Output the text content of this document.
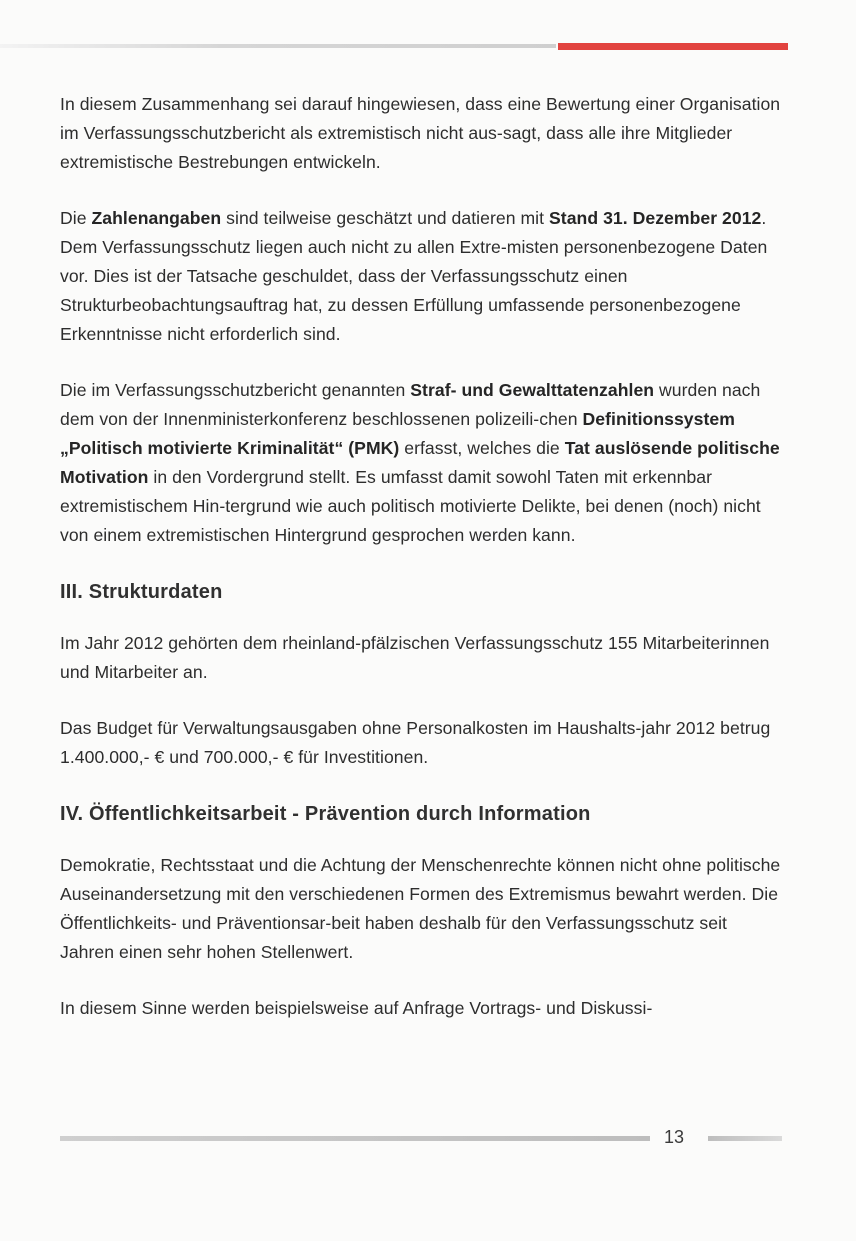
In diesem Zusammenhang sei darauf hingewiesen, dass eine Bewertung einer Organisation im Verfassungsschutzbericht als extremistisch nicht aus-sagt, dass alle ihre Mitglieder extremistische Bestrebungen entwickeln.

Die Zahlenangaben sind teilweise geschätzt und datieren mit Stand 31. Dezember 2012. Dem Verfassungsschutz liegen auch nicht zu allen Extre-misten personenbezogene Daten vor. Dies ist der Tatsache geschuldet, dass der Verfassungsschutz einen Strukturbeobachtungsauftrag hat, zu dessen Erfüllung umfassende personenbezogene Erkenntnisse nicht erforderlich sind.

Die im Verfassungsschutzbericht genannten Straf- und Gewalttatenzahlen wurden nach dem von der Innenministerkonferenz beschlossenen polizeili-chen Definitionssystem „Politisch motivierte Kriminalität“ (PMK) erfasst, welches die Tat auslösende politische Motivation in den Vordergrund stellt. Es umfasst damit sowohl Taten mit erkennbar extremistischem Hin-tergrund wie auch politisch motivierte Delikte, bei denen (noch) nicht von einem extremistischen Hintergrund gesprochen werden kann.

III. Strukturdaten

Im Jahr 2012 gehörten dem rheinland-pfälzischen Verfassungsschutz 155 Mitarbeiterinnen und Mitarbeiter an.

Das Budget für Verwaltungsausgaben ohne Personalkosten im Haushalts-jahr 2012 betrug 1.400.000,- € und 700.000,- € für Investitionen.

IV. Öffentlichkeitsarbeit - Prävention durch Information

Demokratie, Rechtsstaat und die Achtung der Menschenrechte können nicht ohne politische Auseinandersetzung mit den verschiedenen Formen des Extremismus bewahrt werden. Die Öffentlichkeits- und Präventionsar-beit haben deshalb für den Verfassungsschutz seit Jahren einen sehr hohen Stellenwert.

In diesem Sinne werden beispielsweise auf Anfrage Vortrags- und Diskussi-

13
